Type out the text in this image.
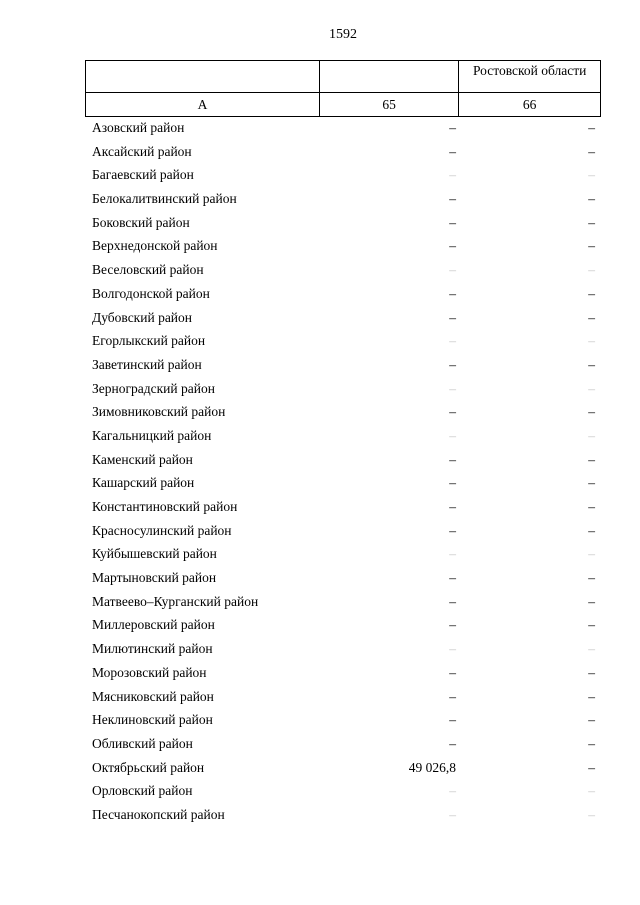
1592
		Ростовской области
А	65	66
Азовский район	–	–
Аксайский район	–	–
Багаевский район	–	–
Белокалитвинский район	–	–
Боковский район	–	–
Верхнедонской район	–	–
Веселовский район	–	–
Волгодонской район	–	–
Дубовский район	–	–
Егорлыкский район	–	–
Заветинский район	–	–
Зерноградский район	–	–
Зимовниковский район	–	–
Кагальницкий район	–	–
Каменский район	–	–
Кашарский район	–	–
Константиновский район	–	–
Красносулинский район	–	–
Куйбышевский район	–	–
Мартыновский район	–	–
Матвеево–Курганский район	–	–
Миллеровский район	–	–
Милютинский район	–	–
Морозовский район	–	–
Мясниковский район	–	–
Неклиновский район	–	–
Обливский район	–	–
Октябрьский район	49 026,8	–
Орловский район	–	–
Песчанокопский район	–	–
